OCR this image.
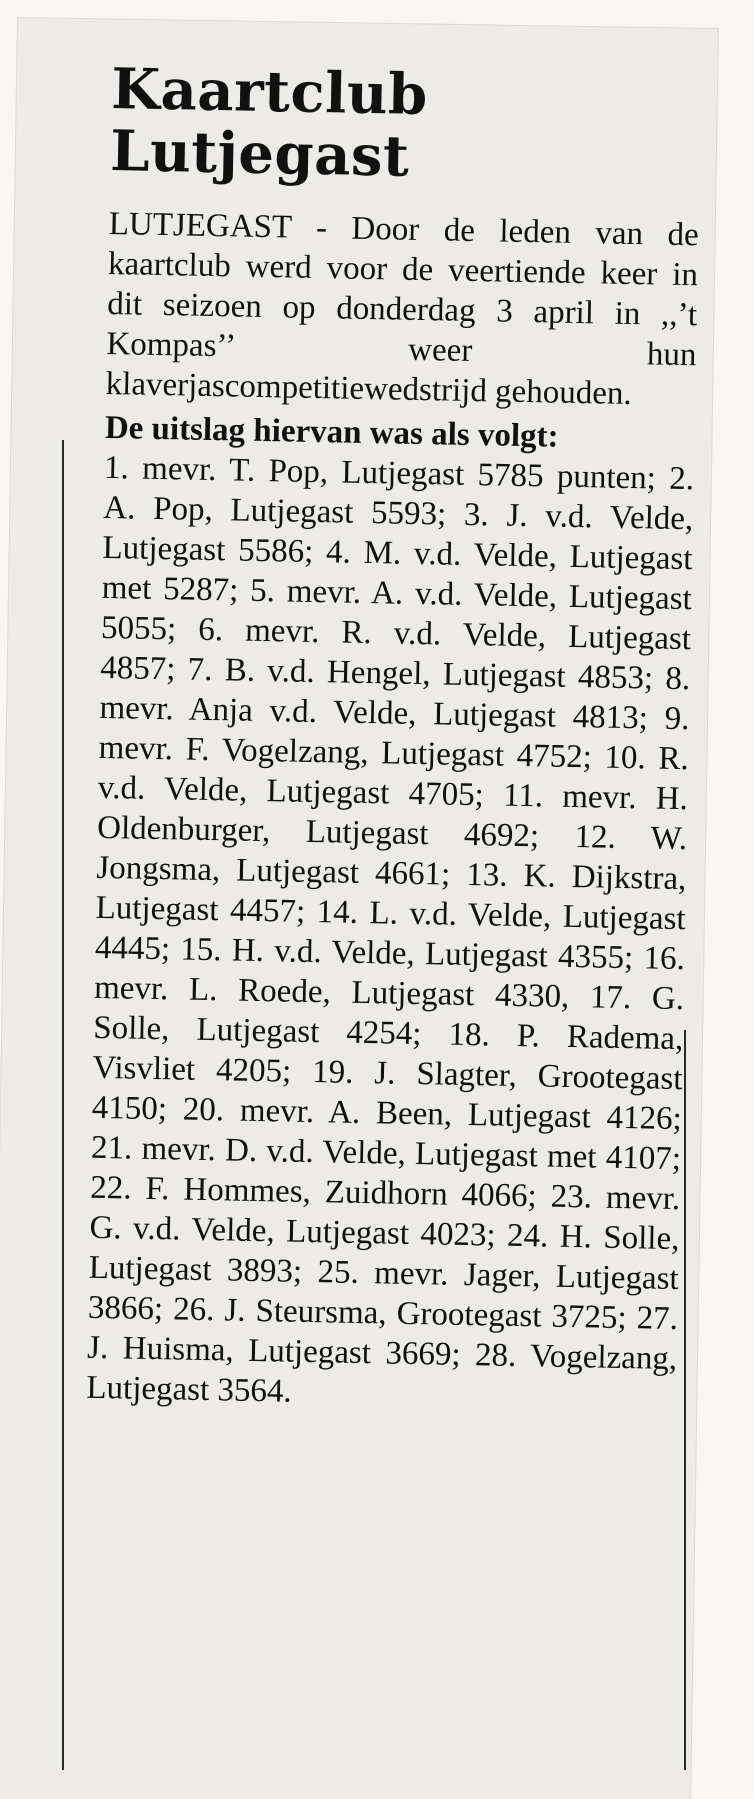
Kaartclub
Lutjegast

LUTJEGAST - Door de leden van de kaartclub werd voor de veertiende keer in dit seizoen op donderdag 3 april in ,,’t Kompas’’ weer hun klaverjascompetitiewedstrijd gehouden.

De uitslag hiervan was als volgt:

1. mevr. T. Pop, Lutjegast 5785 punten; 2. A. Pop, Lutjegast 5593; 3. J. v.d. Velde, Lutjegast 5586; 4. M. v.d. Velde, Lutjegast met 5287; 5. mevr. A. v.d. Velde, Lutjegast 5055; 6. mevr. R. v.d. Velde, Lutjegast 4857; 7. B. v.d. Hengel, Lutjegast 4853; 8. mevr. Anja v.d. Velde, Lutjegast 4813; 9. mevr. F. Vogelzang, Lutjegast 4752; 10. R. v.d. Velde, Lutjegast 4705; 11. mevr. H. Oldenburger, Lutjegast 4692; 12. W. Jongsma, Lutjegast 4661; 13. K. Dijkstra, Lutjegast 4457; 14. L. v.d. Velde, Lutjegast 4445; 15. H. v.d. Velde, Lutjegast 4355; 16. mevr. L. Roede, Lutjegast 4330, 17. G. Solle, Lutjegast 4254; 18. P. Radema, Visvliet 4205; 19. J. Slagter, Grootegast 4150; 20. mevr. A. Been, Lutjegast 4126; 21. mevr. D. v.d. Velde, Lutjegast met 4107; 22. F. Hommes, Zuidhorn 4066; 23. mevr. G. v.d. Velde, Lutjegast 4023; 24. H. Solle, Lutjegast 3893; 25. mevr. Jager, Lutjegast 3866; 26. J. Steursma, Grootegast 3725; 27. J. Huisma, Lutjegast 3669; 28. Vogelzang, Lutjegast 3564.
